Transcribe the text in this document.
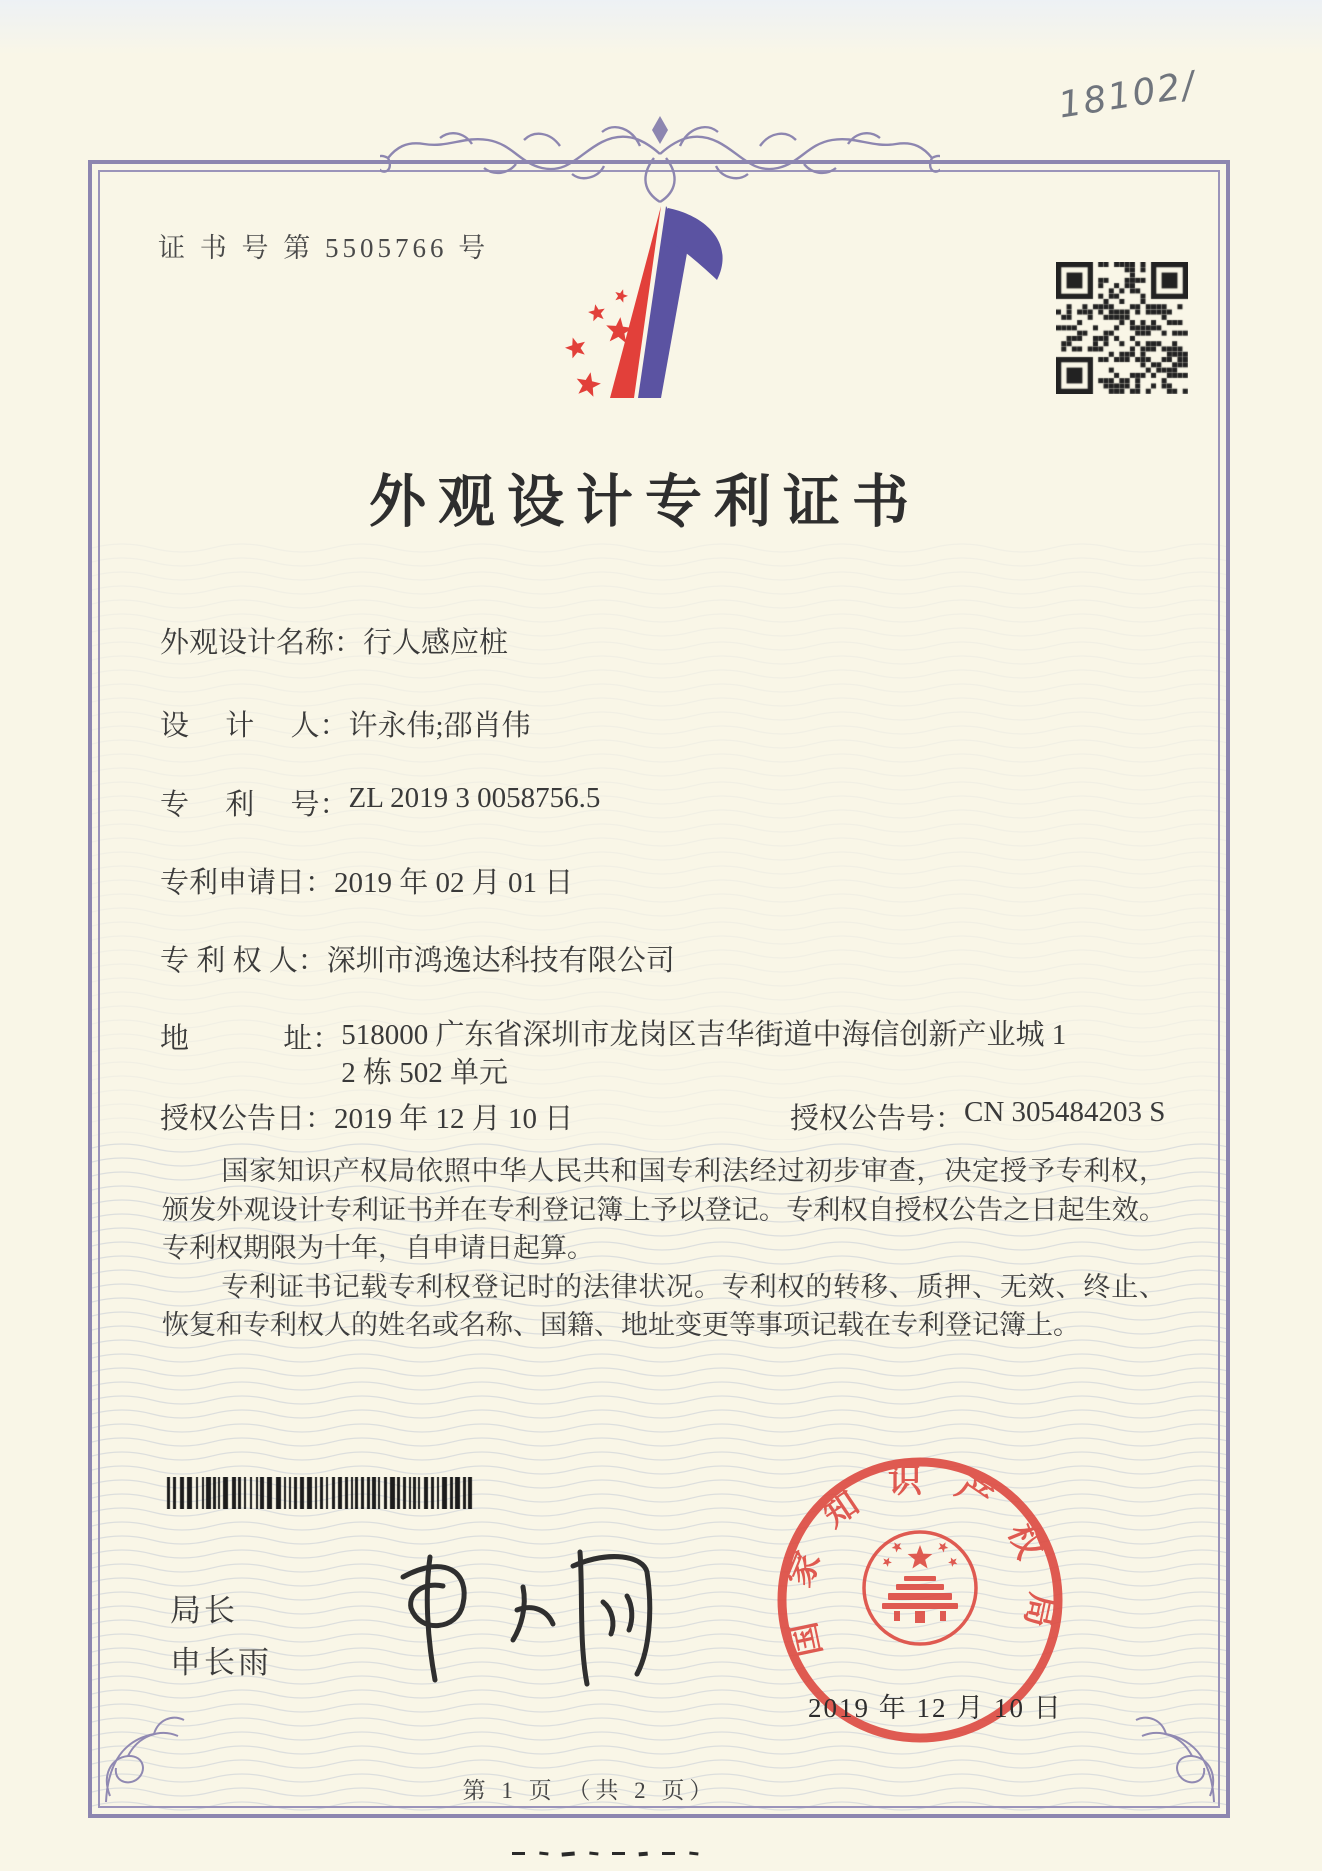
证 书 号 第 5505766 号
18102/
外观设计专利证书
外观设计名称： 行人感应桩
设　 计 　人： 许永伟;邵肖伟
专　 利 　号： ZL 2019 3 0058756.5
专利申请日： 2019 年 02 月 01 日
专 利 权 人： 深圳市鸿逸达科技有限公司
地　　　 址： 518000 广东省深圳市龙岗区吉华街道中海信创新产业城 1
2 栋 502 单元
授权公告日： 2019 年 12 月 10 日	授权公告号： CN 305484203 S

国家知识产权局依照中华人民共和国专利法经过初步审查，决定授予专利权，颁发外观设计专利证书并在专利登记簿上予以登记。专利权自授权公告之日起生效。专利权期限为十年，自申请日起算。

专利证书记载专利权登记时的法律状况。专利权的转移、质押、无效、终止、恢复和专利权人的姓名或名称、国籍、地址变更等事项记载在专利登记簿上。

局长
申长雨
国家知识产权局
2019 年 12 月 10 日
第 1 页 （共 2 页）
